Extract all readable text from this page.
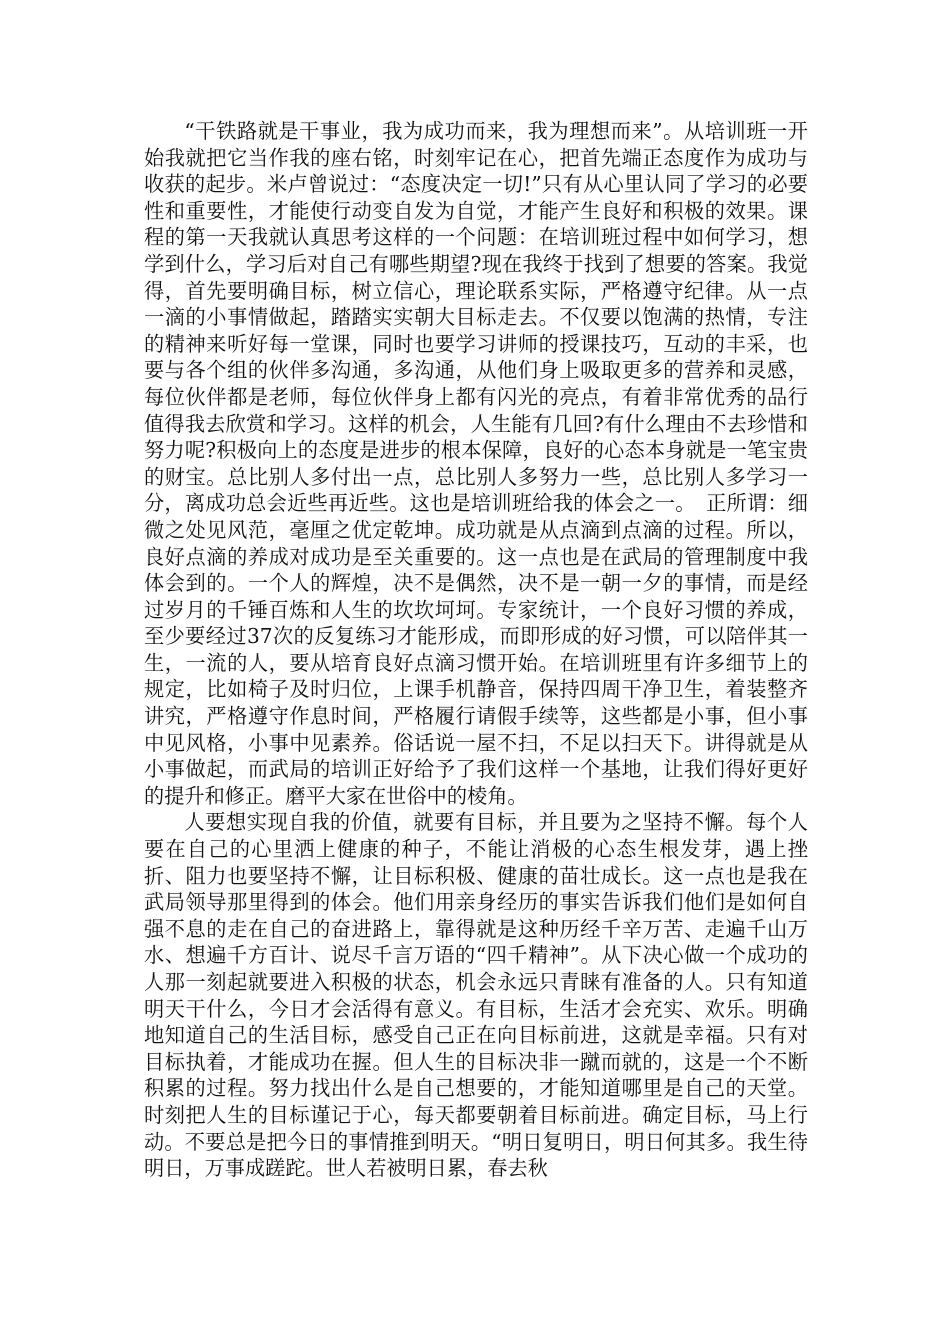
“干铁路就是干事业，我为成功而来，我为理想而来”。从培训班一开始我就把它当作我的座右铭，时刻牢记在心，把首先端正态度作为成功与收获的起步。米卢曾说过：“态度决定一切!”只有从心里认同了学习的必要性和重要性，才能使行动变自发为自觉，才能产生良好和积极的效果。课程的第一天我就认真思考这样的一个问题：在培训班过程中如何学习，想学到什么，学习后对自己有哪些期望?现在我终于找到了想要的答案。我觉得，首先要明确目标，树立信心，理论联系实际，严格遵守纪律。从一点一滴的小事情做起，踏踏实实朝大目标走去。不仅要以饱满的热情，专注的精神来听好每一堂课，同时也要学习讲师的授课技巧，互动的丰采，也要与各个组的伙伴多沟通，多沟通，从他们身上吸取更多的营养和灵感，每位伙伴都是老师，每位伙伴身上都有闪光的亮点，有着非常优秀的品行值得我去欣赏和学习。这样的机会，人生能有几回?有什么理由不去珍惜和努力呢?积极向上的态度是进步的根本保障，良好的心态本身就是一笔宝贵的财宝。总比别人多付出一点，总比别人多努力一些，总比别人多学习一分，离成功总会近些再近些。这也是培训班给我的体会之一。　正所谓：细微之处见风范，毫厘之优定乾坤。成功就是从点滴到点滴的过程。所以，良好点滴的养成对成功是至关重要的。这一点也是在武局的管理制度中我体会到的。一个人的辉煌，决不是偶然，决不是一朝一夕的事情，而是经过岁月的千锤百炼和人生的坎坎坷坷。专家统计，一个良好习惯的养成，至少要经过37次的反复练习才能形成，而即形成的好习惯，可以陪伴其一生，一流的人，要从培育良好点滴习惯开始。在培训班里有许多细节上的规定，比如椅子及时归位，上课手机静音，保持四周干净卫生，着装整齐讲究，严格遵守作息时间，严格履行请假手续等，这些都是小事，但小事中见风格，小事中见素养。俗话说一屋不扫，不足以扫天下。讲得就是从小事做起，而武局的培训正好给予了我们这样一个基地，让我们得好更好的提升和修正。磨平大家在世俗中的棱角。

人要想实现自我的价值，就要有目标，并且要为之坚持不懈。每个人要在自己的心里洒上健康的种子，不能让消极的心态生根发芽，遇上挫折、阻力也要坚持不懈，让目标积极、健康的苗壮成长。这一点也是我在武局领导那里得到的体会。他们用亲身经历的事实告诉我们他们是如何自强不息的走在自己的奋进路上，靠得就是这种历经千辛万苦、走遍千山万水、想遍千方百计、说尽千言万语的“四千精神”。从下决心做一个成功的人那一刻起就要进入积极的状态，机会永远只青睐有准备的人。只有知道明天干什么，今日才会活得有意义。有目标，生活才会充实、欢乐。明确地知道自己的生活目标，感受自己正在向目标前进，这就是幸福。只有对目标执着，才能成功在握。但人生的目标决非一蹴而就的，这是一个不断积累的过程。努力找出什么是自己想要的，才能知道哪里是自己的天堂。时刻把人生的目标谨记于心，每天都要朝着目标前进。确定目标，马上行动。不要总是把今日的事情推到明天。“明日复明日，明日何其多。我生待明日，万事成蹉跎。世人若被明日累，春去秋
